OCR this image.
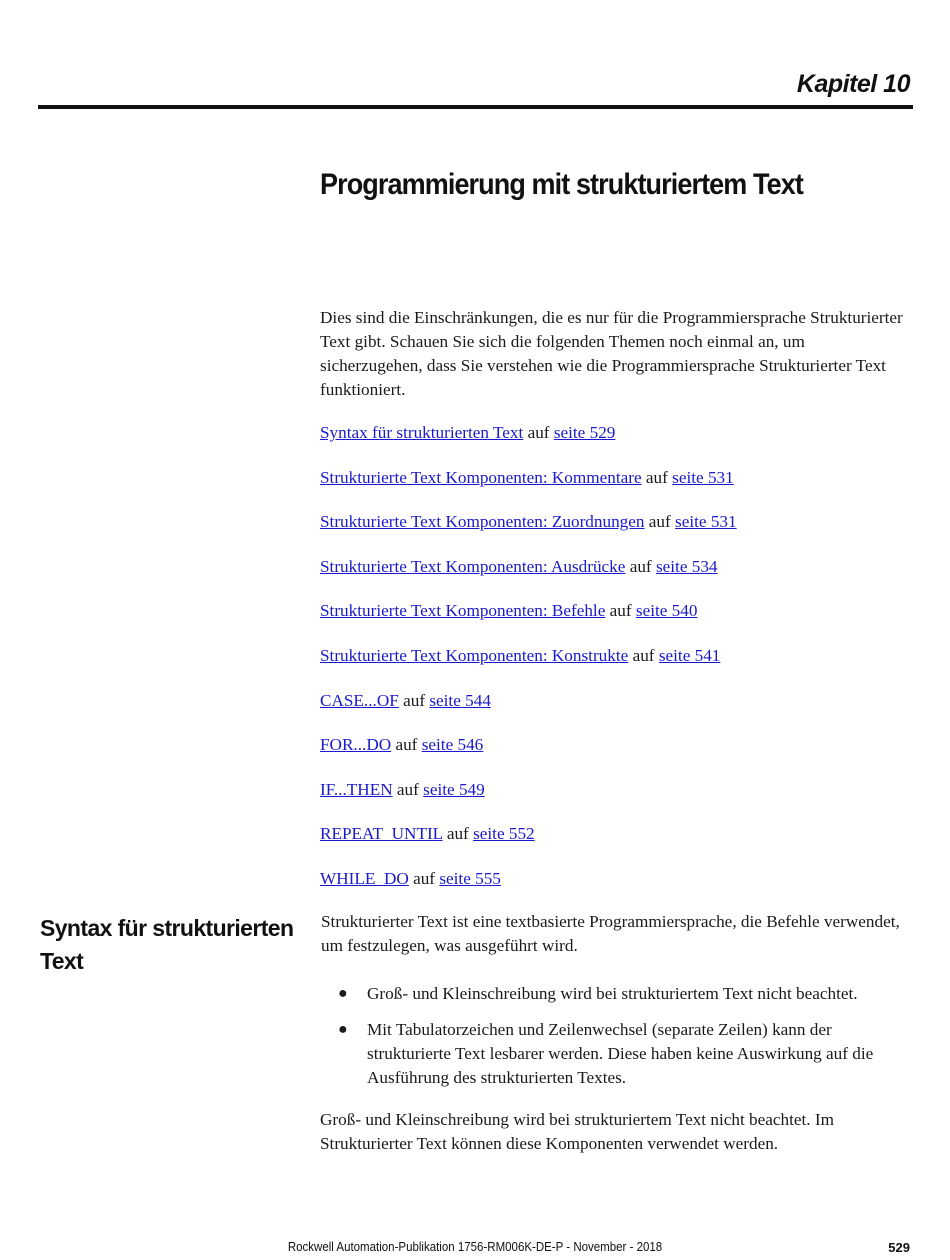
Kapitel 10
Programmierung mit strukturiertem Text

Dies sind die Einschränkungen, die es nur für die Programmiersprache Strukturierter Text gibt. Schauen Sie sich die folgenden Themen noch einmal an, um sicherzugehen, dass Sie verstehen wie die Programmiersprache Strukturierter Text funktioniert.

Syntax für strukturierten Text auf seite 529
Strukturierte Text Komponenten: Kommentare auf seite 531
Strukturierte Text Komponenten: Zuordnungen auf seite 531
Strukturierte Text Komponenten: Ausdrücke auf seite 534
Strukturierte Text Komponenten: Befehle auf seite 540
Strukturierte Text Komponenten: Konstrukte auf seite 541
CASE...OF auf seite 544
FOR...DO auf seite 546
IF...THEN auf seite 549
REPEAT_UNTIL auf seite 552
WHILE_DO auf seite 555
Syntax für strukturierten Text

Strukturierter Text ist eine textbasierte Programmiersprache, die Befehle verwendet, um festzulegen, was ausgeführt wird.

● Groß- und Kleinschreibung wird bei strukturiertem Text nicht beachtet.
● Mit Tabulatorzeichen und Zeilenwechsel (separate Zeilen) kann der strukturierte Text lesbarer werden. Diese haben keine Auswirkung auf die Ausführung des strukturierten Textes.

Groß- und Kleinschreibung wird bei strukturiertem Text nicht beachtet. Im Strukturierter Text können diese Komponenten verwendet werden.

Rockwell Automation-Publikation 1756-RM006K-DE-P - November - 2018	529
